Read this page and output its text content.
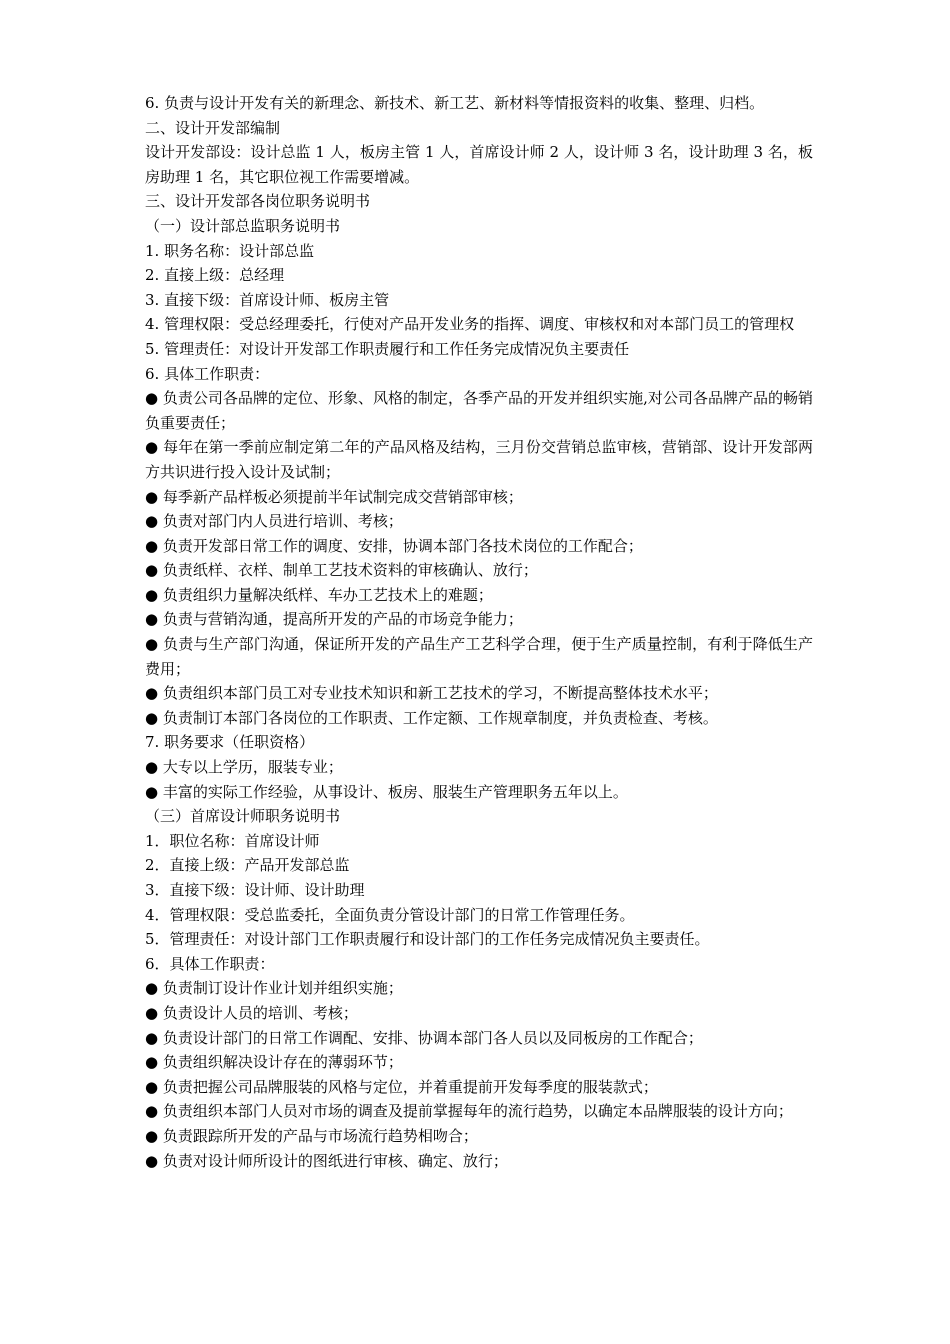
6. 负责与设计开发有关的新理念、新技术、新工艺、新材料等情报资料的收集、整理、归档。

二、设计开发部编制

设计开发部设：设计总监 1 人，板房主管 1 人，首席设计师 2 人，设计师 3 名，设计助理 3 名，板房助理 1 名，其它职位视工作需要增减。

三、设计开发部各岗位职务说明书

（一）设计部总监职务说明书

1. 职务名称：设计部总监

2. 直接上级：总经理

3. 直接下级：首席设计师、板房主管

4. 管理权限：受总经理委托，行使对产品开发业务的指挥、调度、审核权和对本部门员工的管理权

5. 管理责任：对设计开发部工作职责履行和工作任务完成情况负主要责任

6. 具体工作职责：

● 负责公司各品牌的定位、形象、风格的制定，各季产品的开发并组织实施,对公司各品牌产品的畅销负重要责任；

● 每年在第一季前应制定第二年的产品风格及结构，三月份交营销总监审核，营销部、设计开发部两方共识进行投入设计及试制；

● 每季新产品样板必须提前半年试制完成交营销部审核；

● 负责对部门内人员进行培训、考核；

● 负责开发部日常工作的调度、安排，协调本部门各技术岗位的工作配合；

● 负责纸样、衣样、制单工艺技术资料的审核确认、放行；

● 负责组织力量解决纸样、车办工艺技术上的难题；

● 负责与营销沟通，提高所开发的产品的市场竞争能力；

● 负责与生产部门沟通，保证所开发的产品生产工艺科学合理，便于生产质量控制，有利于降低生产费用；

● 负责组织本部门员工对专业技术知识和新工艺技术的学习，不断提高整体技术水平；

● 负责制订本部门各岗位的工作职责、工作定额、工作规章制度，并负责检查、考核。

7. 职务要求（任职资格）

● 大专以上学历，服装专业；

● 丰富的实际工作经验，从事设计、板房、服装生产管理职务五年以上。

（三）首席设计师职务说明书

1．职位名称：首席设计师

2．直接上级：产品开发部总监

3．直接下级：设计师、设计助理

4．管理权限：受总监委托，全面负责分管设计部门的日常工作管理任务。

5．管理责任：对设计部门工作职责履行和设计部门的工作任务完成情况负主要责任。

6．具体工作职责：

● 负责制订设计作业计划并组织实施；

● 负责设计人员的培训、考核；

● 负责设计部门的日常工作调配、安排、协调本部门各人员以及同板房的工作配合；

● 负责组织解决设计存在的薄弱环节；

● 负责把握公司品牌服装的风格与定位，并着重提前开发每季度的服装款式；

● 负责组织本部门人员对市场的调查及提前掌握每年的流行趋势，以确定本品牌服装的设计方向；

● 负责跟踪所开发的产品与市场流行趋势相吻合；

● 负责对设计师所设计的图纸进行审核、确定、放行；
